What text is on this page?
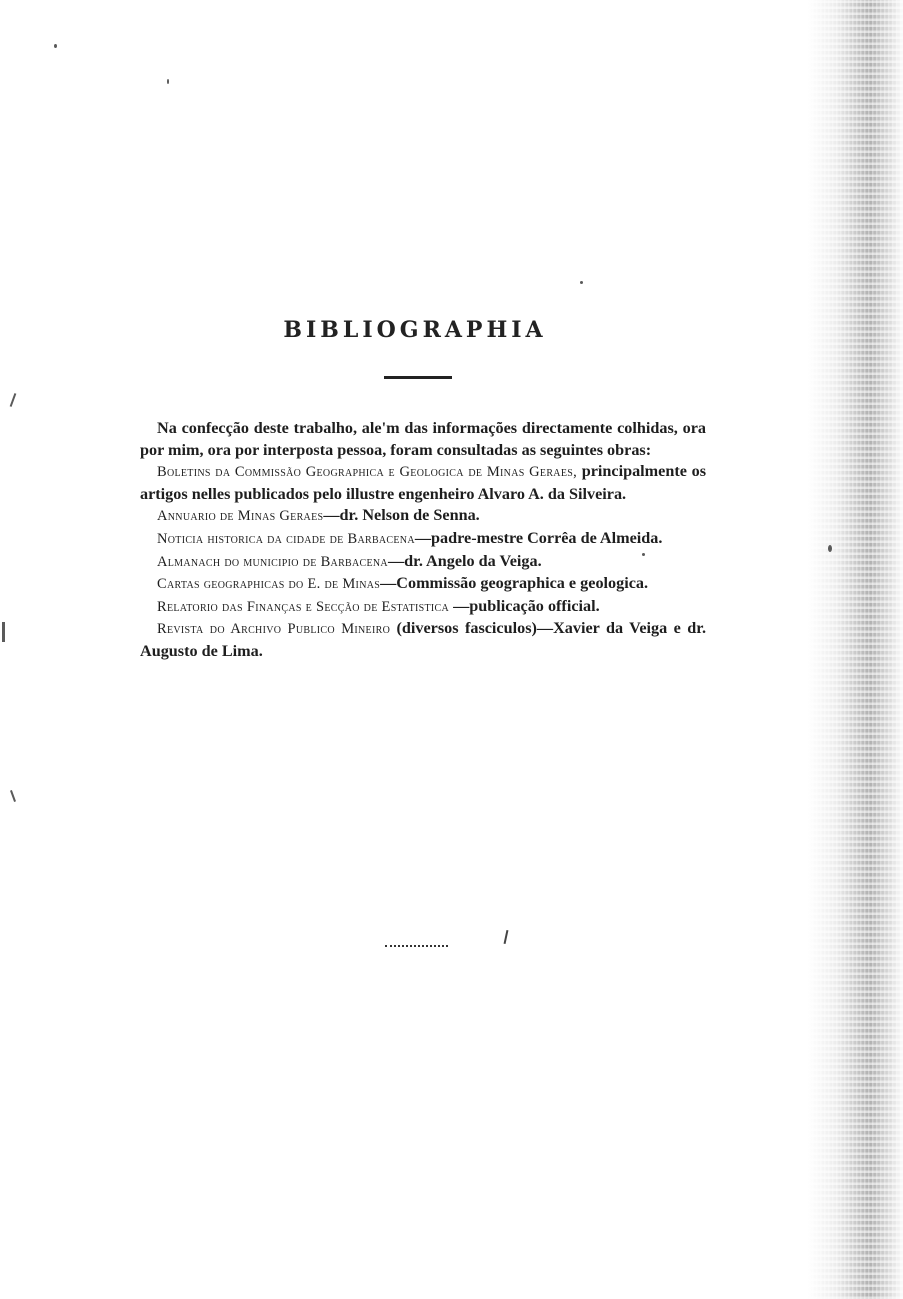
BIBLIOGRAPHIA

Na confecção deste trabalho, ale'm das informações directamente colhidas, ora por mim, ora por interposta pessoa, foram consultadas as seguintes obras:

Boletins da Commissão Geographica e Geologica de Minas Geraes, principalmente os artigos nelles publicados pelo illustre engenheiro Alvaro A. da Silveira.

Annuario de Minas Geraes—dr. Nelson de Senna.

Noticia historica da cidade de Barbacena—padre-mestre Corrêa de Almeida.

Almanach do municipio de Barbacena—dr. Angelo da Veiga.

Cartas geographicas do E. de Minas—Commissão geographica e geologica.

Relatorio das Finanças e Secção de Estatistica —publicação official.

Revista do Archivo Publico Mineiro (diversos fasciculos)—Xavier da Veiga e dr. Augusto de Lima.
